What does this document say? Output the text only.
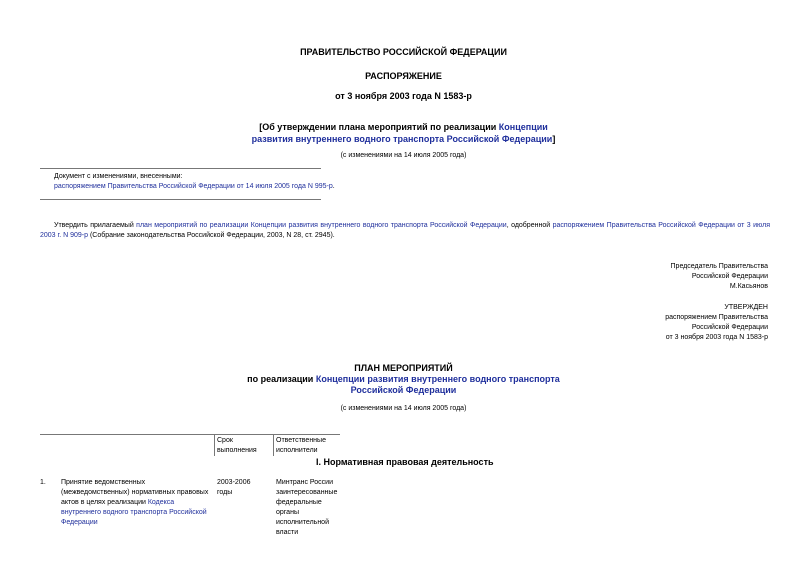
ПРАВИТЕЛЬСТВО РОССИЙСКОЙ ФЕДЕРАЦИИ
РАСПОРЯЖЕНИЕ
от 3 ноября 2003 года N 1583-р
[Об утверждении плана мероприятий по реализации Концепции
развития внутреннего водного транспорта Российской Федерации]
(с изменениями на 14 июля 2005 года)
Документ с изменениями, внесенными:
распоряжением Правительства Российской Федерации от 14 июля 2005 года N 995-р.
Утвердить прилагаемый план мероприятий по реализации Концепции развития внутреннего водного транспорта Российской Федерации, одобренной распоряжением Правительства Российской Федерации от 3 июля 2003 г. N 909-р (Собрание законодательства Российской Федерации, 2003, N 28, ст. 2945).
Председатель Правительства
Российской Федерации
М.Касьянов
УТВЕРЖДЕН
распоряжением Правительства
Российской Федерации
от 3 ноября 2003 года N 1583-р
ПЛАН МЕРОПРИЯТИЙ
по реализации Концепции развития внутреннего водного транспорта
Российской Федерации
(с изменениями на 14 июля 2005 года)
Срок
выполнения
Ответственные
исполнители
I. Нормативная правовая деятельность
1.	Принятие ведомственных (межведомственных) нормативных правовых актов в целях реализации Кодекса внутреннего водного транспорта Российской Федерации
2003-2006 годы
Минтранс России заинтересованные федеральные органы исполнительной власти
